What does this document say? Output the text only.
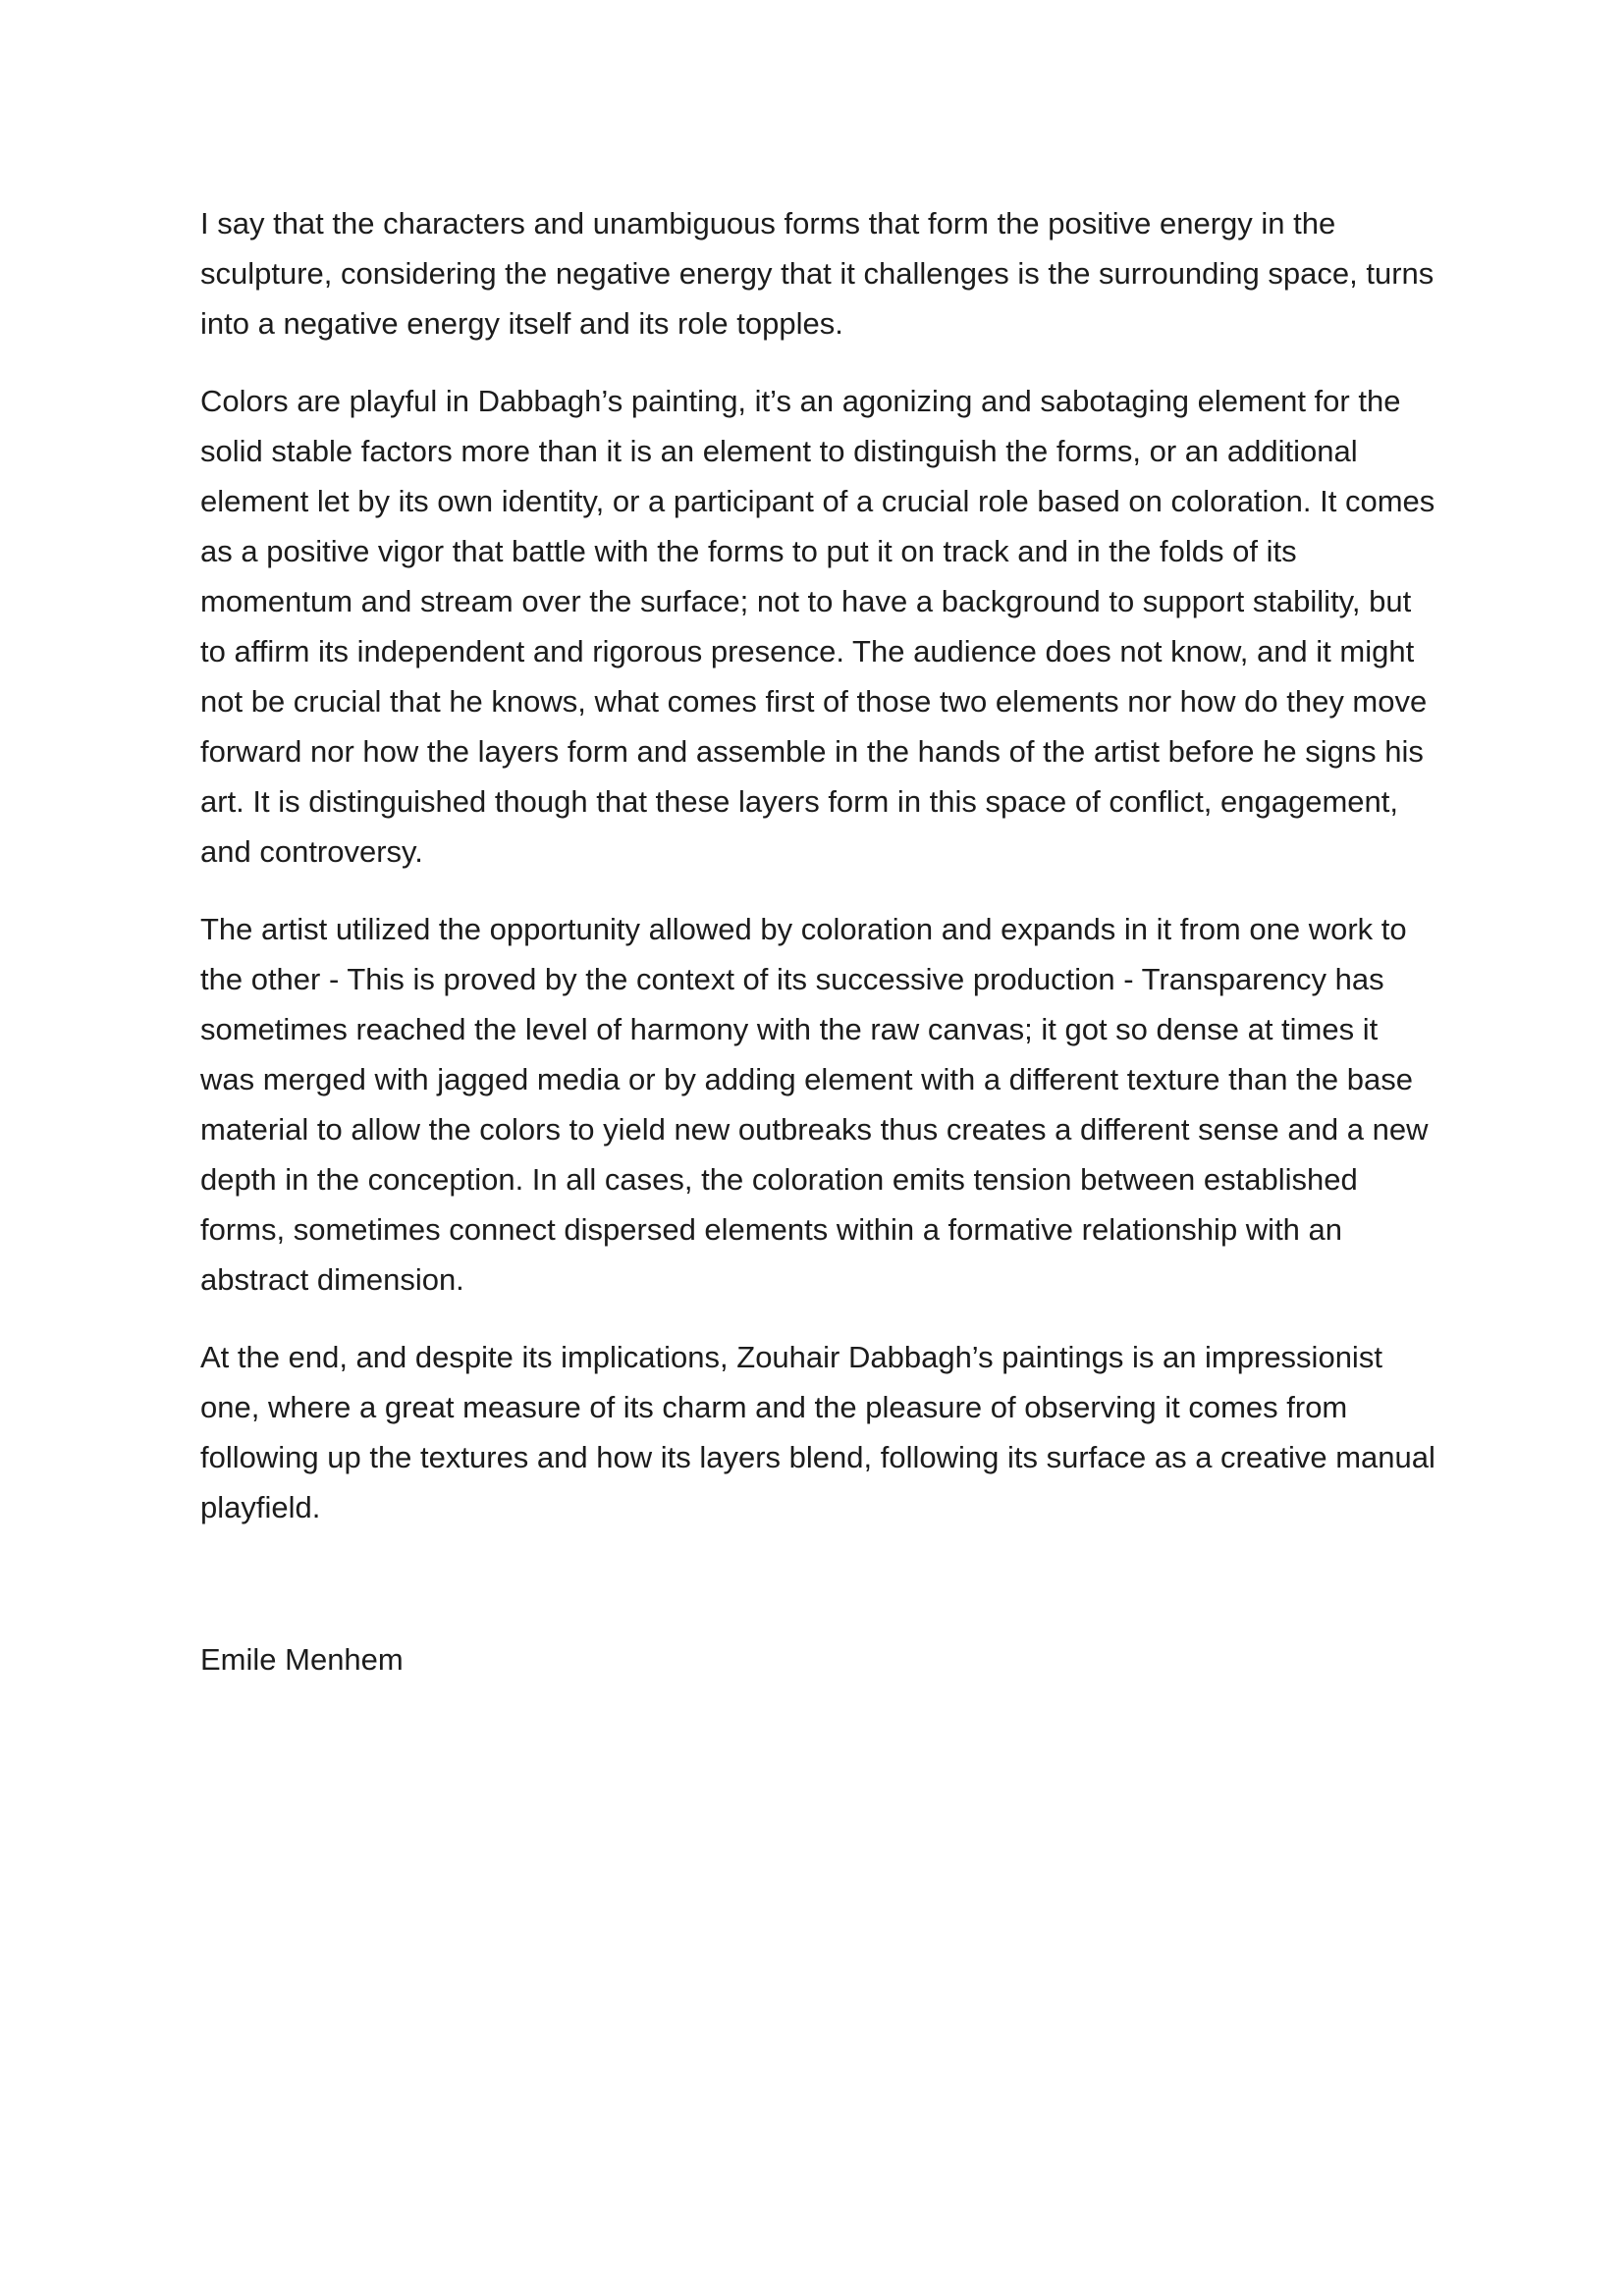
I say that the characters and unambiguous forms that form the positive energy in the sculpture, considering the negative energy that it challenges is the surrounding space, turns into a negative energy itself and its role topples.

Colors are playful in Dabbagh’s painting, it’s an agonizing and sabotaging element for the solid stable factors more than it is an element to distinguish the forms, or an additional element let by its own identity, or a participant of a crucial role based on coloration. It comes as a positive vigor that battle with the forms to put it on track and in the folds of its momentum and stream over the surface; not to have a background to support stability, but to affirm its independent and rigorous presence. The audience does not know, and it might not be crucial that he knows, what comes first of those two elements nor how do they move forward nor how the layers form and assemble in the hands of the artist before he signs his art. It is distinguished though that these layers form in this space of conflict, engagement, and controversy.

The artist utilized the opportunity allowed by coloration and expands in it from one work to the other - This is proved by the context of its successive production - Transparency has sometimes reached the level of harmony with the raw canvas; it got so dense at times it was merged with jagged media or by adding element with a different texture than the base material to allow the colors to yield new outbreaks thus creates a different sense and a new depth in the conception. In all cases, the coloration emits tension between established forms, sometimes connect dispersed elements within a formative relationship with an abstract dimension.

At the end, and despite its implications, Zouhair Dabbagh’s paintings is an impressionist one, where a great measure of its charm and the pleasure of observing it comes from following up the textures and how its layers blend, following its surface as a creative manual playfield.

Emile Menhem
